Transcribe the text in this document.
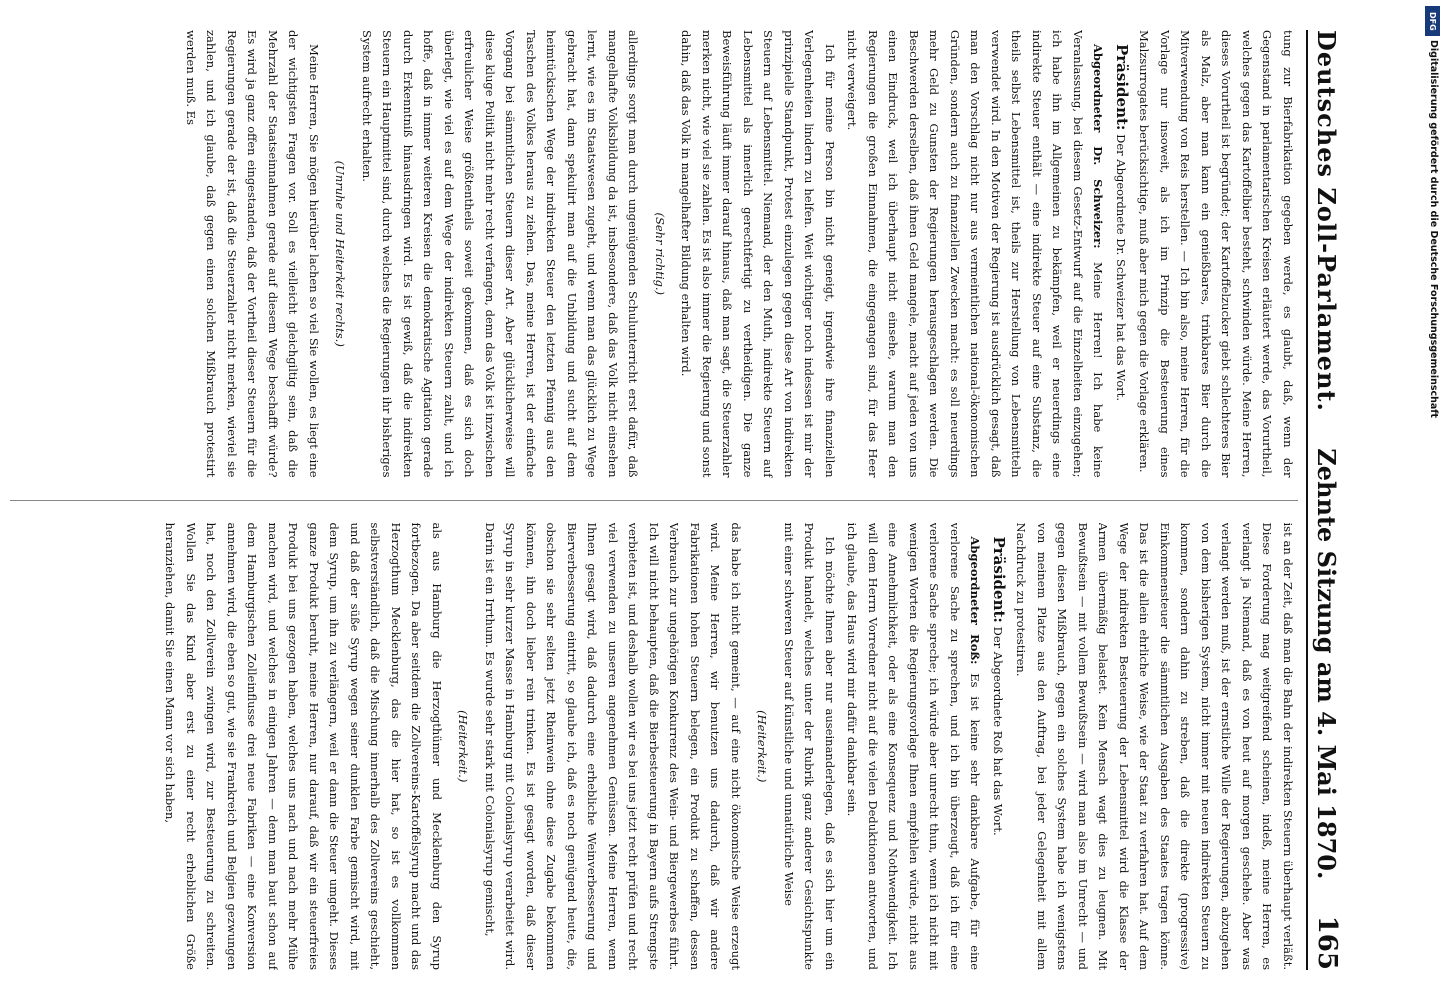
Deutsches Zoll-Parlament.
Zehnte Sitzung am 4. Mai 1870.
165

tung zur Bierfabrikation gegeben werde, es glaubt, daß, wenn der Gegenstand in parlamentarischen Kreisen erläutert werde, das Vorurtheil, welches gegen das Kartoffelbier besteht, schwinden würde. Meine Herren, dieses Vorurtheil ist begründet; der Kartoffelzucker giebt schlechteres Bier als Malz, aber man kann ein genießbares, trinkbares Bier durch die Mitverwendung von Reis herstellen. — Ich bin also, meine Herren, für die Vorlage nur insoweit, als ich im Prinzip die Besteuerung eines Malzsurrogates berücksichtige, muß aber mich gegen die Vorlage erklären.

Präsident: Der Abgeordnete Dr. Schweizer hat das Wort.

Abgeordneter Dr. Schweizer: Meine Herren! Ich habe keine Veranlassung, bei diesem Gesetz-Entwurf auf die Einzelheiten einzugehen; ich habe ihn im Allgemeinen zu bekämpfen, weil er neuerdings eine indirekte Steuer enthält — eine indirekte Steuer auf eine Substanz, die theils selbst Lebensmittel ist, theils zur Herstellung von Lebensmitteln verwendet wird. In den Motiven der Regierung ist ausdrücklich gesagt, daß man den Vorschlag nicht nur aus vermeintlichen national-ökonomischen Gründen, sondern auch zu finanziellen Zwecken macht: es soll neuerdings mehr Geld zu Gunsten der Regierungen herausgeschlagen werden. Die Beschwerden derselben, daß ihnen Geld mangele, macht auf jeden von uns einen Eindruck, weil ich überhaupt nicht einsehe, warum man den Regierungen die großen Einnahmen, die eingegangen sind, für das Heer nicht verweigert.

Ich für meine Person bin nicht geneigt, irgendwie ihre finanziellen Verlegenheiten lindern zu helfen. Weit wichtiger noch indessen ist mir der prinzipielle Standpunkt, Protest einzulegen gegen diese Art von indirekten Steuern auf Lebensmittel. Niemand, der den Muth, indirekte Steuern auf Lebensmittel als innerlich gerechtfertigt zu vertheidigen. Die ganze Beweisführung läuft immer darauf hinaus, daß man sagt, die Steuerzahler merken nicht, wie viel sie zahlen. Es ist also immer die Regierung und sonst dahin, daß das Volk in mangelhafter Bildung erhalten wird.

(Sehr richtig.)

allerdings sorgt man durch ungenügenden Schulunterricht erst dafür, daß mangelhafte Volksbildung da ist, insbesondere, daß das Volk nicht einsehen lernt, wie es im Staatswesen zugeht, und wenn man das glücklich zu Wege gebracht hat, dann spekulirt man auf die Unbildung und sucht auf dem heimtückischen Wege der indirekten Steuer den letzten Pfennig aus den Taschen des Volkes heraus zu ziehen. Das, meine Herren, ist der einfache Vorgang bei sämmtlichen Steuern dieser Art. Aber glücklicherweise will diese kluge Politik nicht mehr recht verfangen, denn das Volk ist inzwischen erfreulicher Weise größtentheils soweit gekommen, daß es sich doch überlegt, wie viel es auf dem Wege der indirekten Steuern zahlt, und ich hoffe, daß in immer weiteren Kreisen die demokratische Agitation gerade durch Erkenntniß hinausdringen wird. Es ist gewiß, daß die indirekten Steuern ein Hauptmittel sind, durch welches die Regierungen ihr bisheriges System aufrecht erhalten.

(Unruhe und Heiterkeit rechts.)

Meine Herren, Sie mögen hierüber lachen so viel Sie wollen, es liegt eine der wichtigsten Fragen vor. Soll es vielleicht gleichgiltig sein, daß die Mehrzahl der Staatseinnahmen gerade auf diesem Wege beschafft würde? Es wird ja ganz offen eingestanden, daß der Vortheil dieser Steuern für die Regierungen gerade der ist, daß die Steuerzahler nicht merken, wieviel sie zahlen, und ich glaube, daß gegen einen solchen Mißbrauch protestirt werden muß. Es

ist an der Zeit, daß man die Bahn der indirekten Steuern überhaupt verläßt. Diese Forderung mag weitgreifend scheinen, indeß, meine Herren, es verlangt ja Niemand, daß es von heut auf morgen geschehe. Aber was verlangt werden muß, ist der ernstliche Wille der Regierungen, abzugehen von dem bisherigen System, nicht immer mit neuen indirekten Steuern zu kommen, sondern dahin zu streben, daß die direkte (progressive) Einkommensteuer die sämmtlichen Ausgaben des Staates tragen könne. Das ist die allein ehrliche Weise, wie der Staat zu verfahren hat. Auf dem Wege der indirekten Besteuerung der Lebensmittel wird die Klasse der Armen übermäßig belastet. Kein Mensch wagt dies zu leugnen. Mit Bewußtsein — mit vollem Bewußtsein — wird man also im Unrecht — und gegen diesen Mißbrauch, gegen ein solches System habe ich wenigstens von meinem Platze aus den Auftrag, bei jeder Gelegenheit mit allem Nachdruck zu protestiren.

Präsident: Der Abgeordnete Roß hat das Wort.

Abgeordneter Roß: Es ist keine sehr dankbare Aufgabe, für eine verlorene Sache zu sprechen, und ich bin überzeugt, daß ich für eine verlorene Sache spreche; ich würde aber unrecht thun, wenn ich nicht mit wenigen Worten die Regierungsvorlage Ihnen empfehlen würde, nicht aus eine Annehmlichkeit, oder als eine Konsequenz und Nothwendigkeit. Ich will dem Herrn Vorredner nicht auf die vielen Deduktionen antworten, und ich glaube, das Haus wird mir dafür dankbar sein.

Ich möchte Ihnen aber nur auseinanderlegen, daß es sich hier um ein Produkt handelt, welches unter der Rubrik ganz anderer Gesichtspunkte mit einer schweren Steuer auf künstliche und unnatürliche Weise

(Heiterkeit.)

das habe ich nicht gemeint, — auf eine nicht ökonomische Weise erzeugt wird. Meine Herren, wir benutzen uns dadurch, daß wir andere Fabrikationen hohen Steuern belegen, ein Produkt zu schaffen, dessen Verbrauch zur ungehörigen Konkurrenz des Wein- und Biergewerbes führt. Ich will nicht behaupten, daß die Bierbesteuerung in Bayern aufs Strengste verbieten ist, und deshalb wollen wir es bei uns jetzt recht prüfen und recht viel verwenden zu unseren angenehmen Genüssen. Meine Herren, wenn Ihnen gesagt wird, daß dadurch eine erhebliche Weinverbesserung und Bierverbesserung eintritt, so glaube ich, daß es noch genügend heute, die, obschon sie sehr selten jetzt Rheinwein ohne diese Zugabe bekommen können, ihn doch lieber rein trinken. Es ist gesagt worden, daß dieser Syrup in sehr kurzer Masse in Hamburg mit Colonialsyrup verarbeitet wird. Darin ist ein Irrthum. Es wurde sehr stark mit Colonialsyrup gemischt,

(Heiterkeit.)

als aus Hamburg die Herzogthümer und Mecklenburg den Syrup fortbezogen. Da aber seitdem die Zollvereins-Kartoffelsyrup macht und das Herzogthum Mecklenburg, das die hier hat, so ist es vollkommen selbstverständlich, daß die Mischung innerhalb des Zollvereins geschieht, und daß der süße Syrup wegen seiner dunklen Farbe gemischt wird, mit dem Syrup, um ihn zu verlängern, weil er dann die Steuer umgeht. Dieses ganze Produkt beruht, meine Herren, nur darauf, daß wir ein steuerfreies Produkt bei uns gezogen haben, welches uns nach und nach mehr Mühe machen wird, und welches in einigen Jahren — denn man baut schon auf dem Hamburgischen Zolleinflusse drei neue Fabriken — eine Konversion annehmen wird, die eben so gut, wie sie Frankreich und Belgien gezwungen hat, noch den Zollverein zwingen wird, zur Besteuerung zu schreiten. Wollen Sie das Kind aber erst zu einer recht erheblichen Größe heranziehen, damit Sie einen Mann vor sich haben,

DFG
Digitalisierung gefördert durch die Deutsche Forschungsgemeinschaft
